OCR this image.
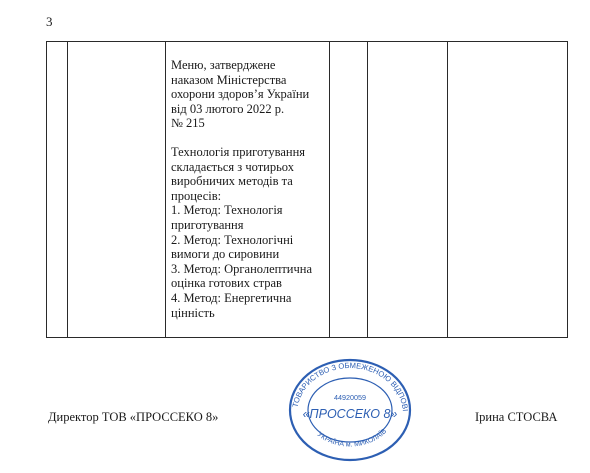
3

Меню, затверджене
наказом Міністерства
охорони здоров’я України
від 03 лютого 2022 р.
№ 215

Технологія приготування
складається з чотирьох
виробничих методів та
процесів:
1. Метод: Технологія
приготування
2. Метод: Технологічні
вимоги до сировини
3. Метод: Органолептична
оцінка готових страв
4. Метод: Енергетична
цінність

Директор ТОВ «ПРОССЕКО 8»	Ірина СТОСВА
ТОВАРИСТВО З ОБМЕЖЕНОЮ ВІДПОВІДАЛЬНІСТЮ
44920059
«ПРОССЕКО 8»
УКРАЇНА м. МИКОЛАЇВ
